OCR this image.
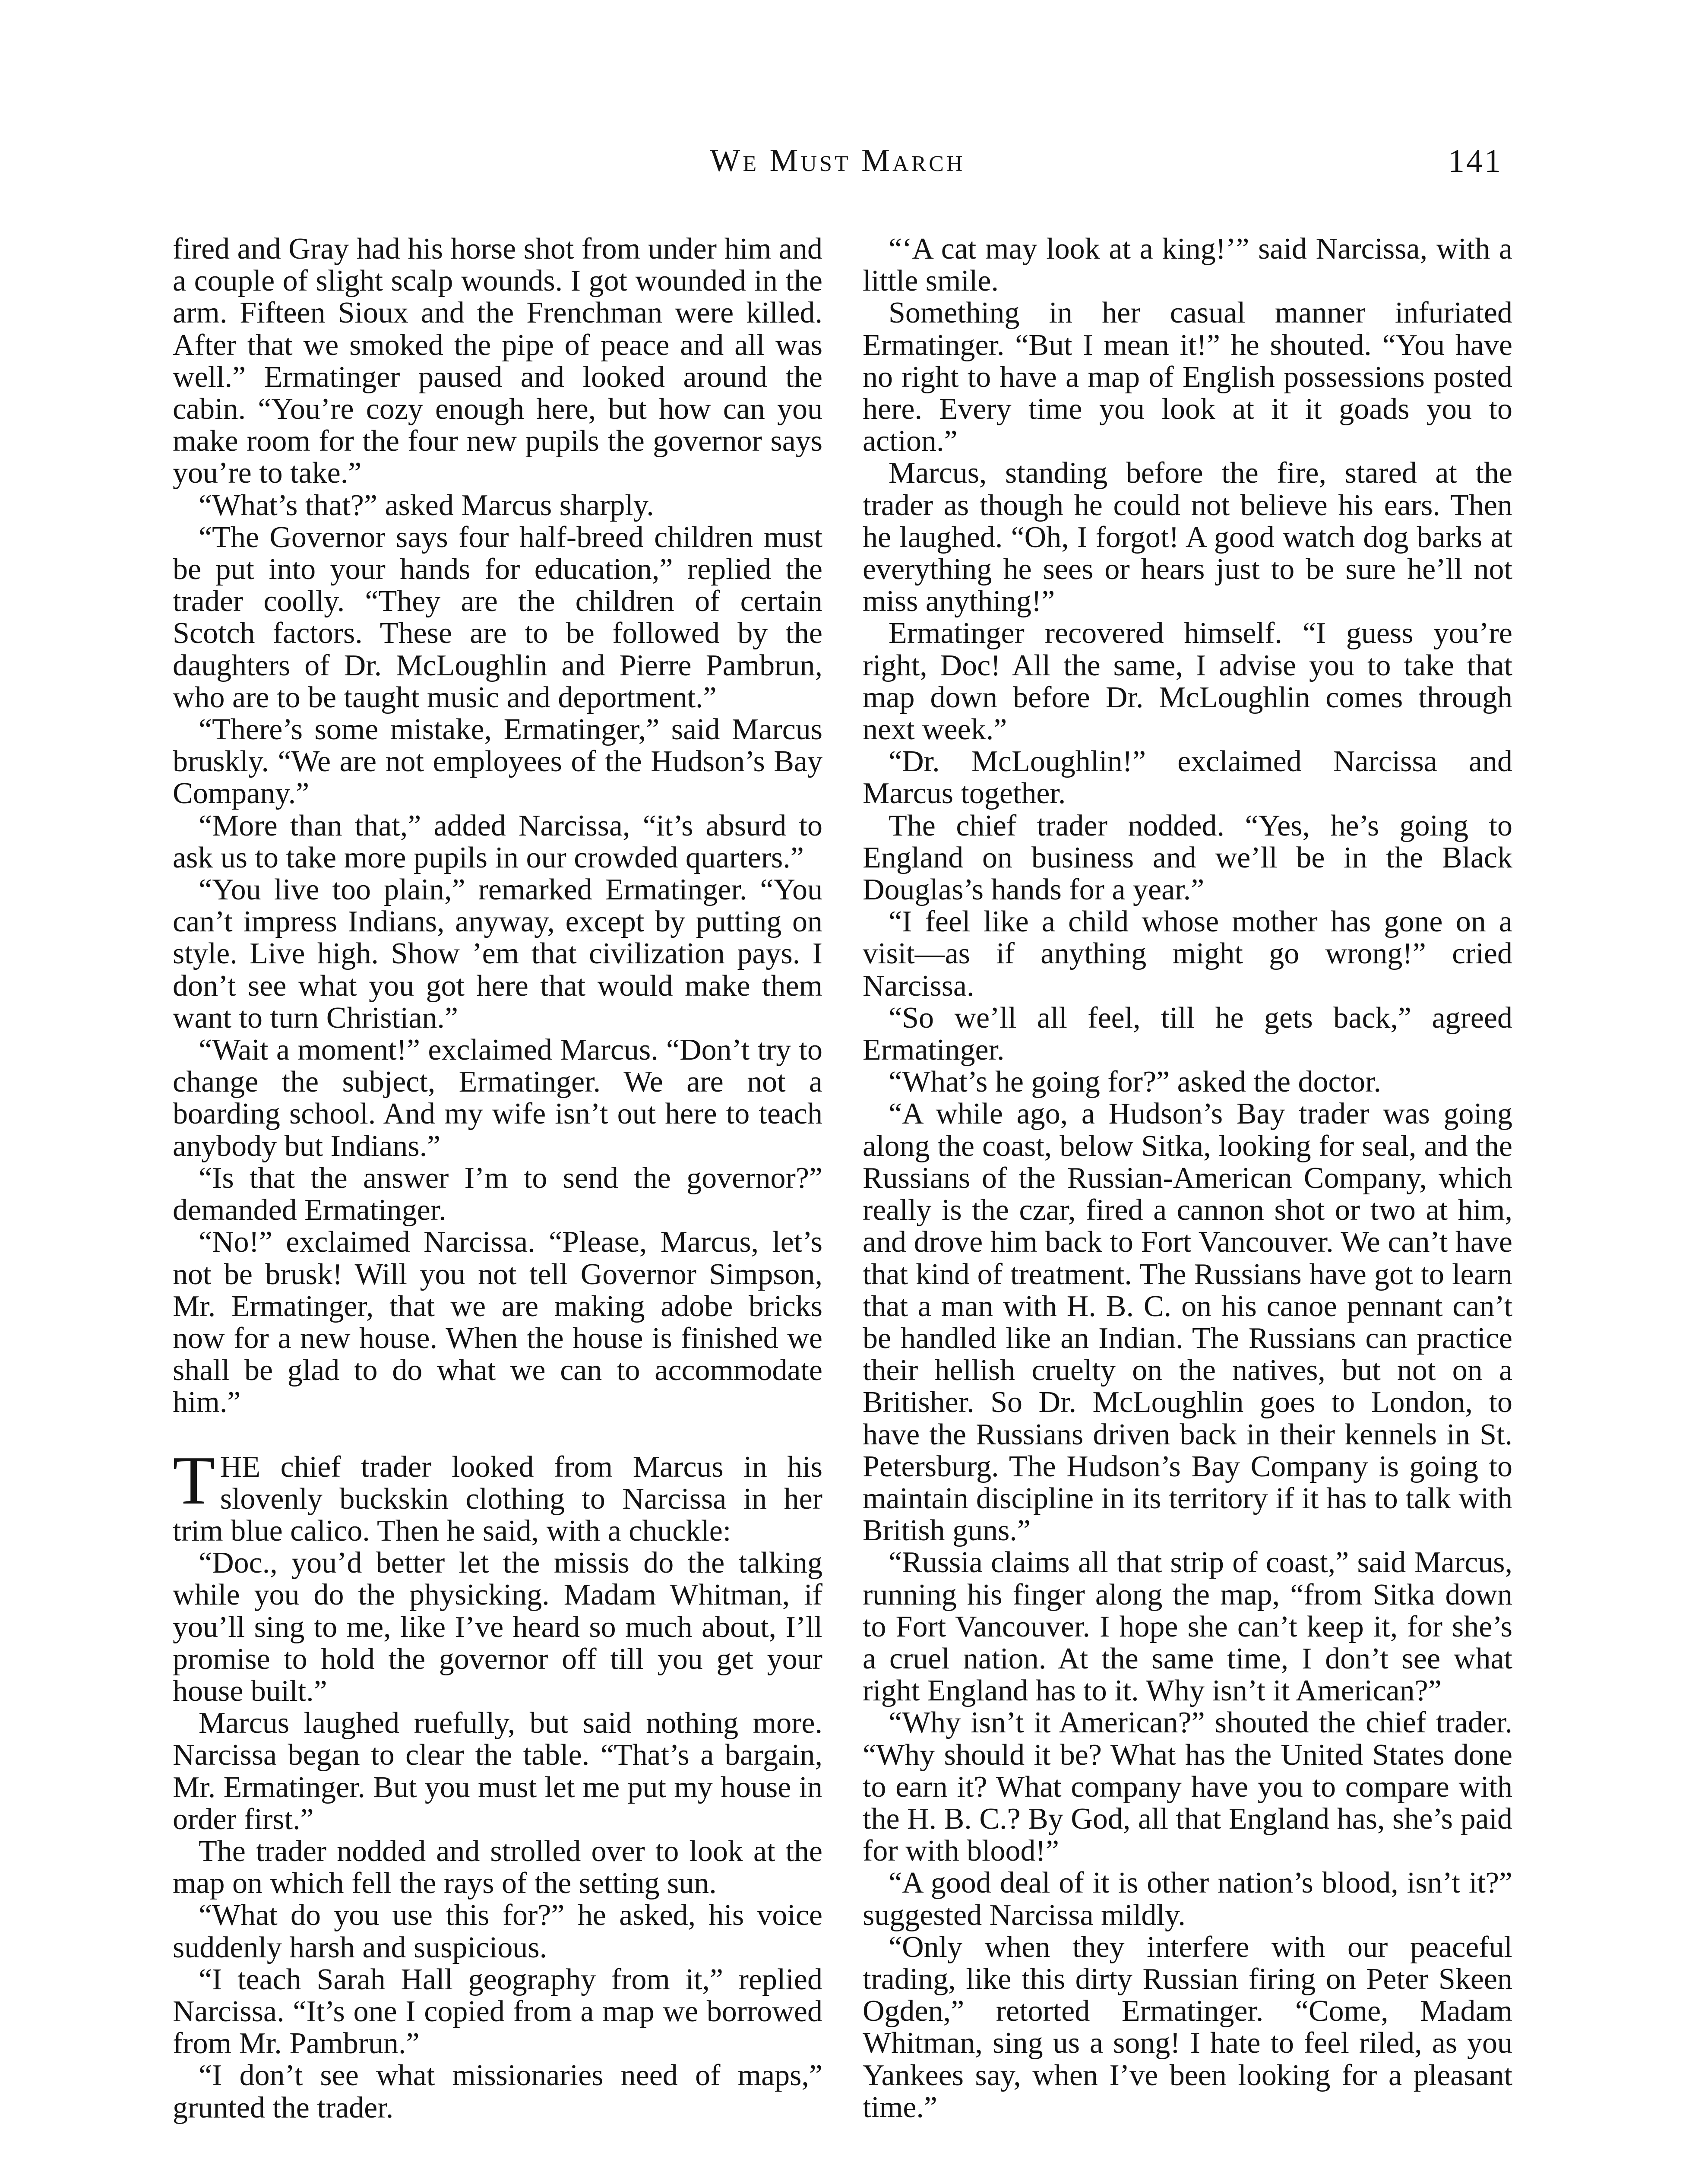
We Must March	141

fired and Gray had his horse shot from under him and a couple of slight scalp wounds. I got wounded in the arm. Fifteen Sioux and the Frenchman were killed. After that we smoked the pipe of peace and all was well.” Ermatinger paused and looked around the cabin. “You’re cozy enough here, but how can you make room for the four new pupils the governor says you’re to take.”

“What’s that?” asked Marcus sharply.

“The Governor says four half-breed children must be put into your hands for education,” replied the trader coolly. “They are the children of certain Scotch factors. These are to be followed by the daughters of Dr. McLoughlin and Pierre Pambrun, who are to be taught music and deportment.”

“There’s some mistake, Ermatinger,” said Marcus bruskly. “We are not employees of the Hudson’s Bay Company.”

“More than that,” added Narcissa, “it’s absurd to ask us to take more pupils in our crowded quarters.”

“You live too plain,” remarked Ermatinger. “You can’t impress Indians, anyway, except by putting on style. Live high. Show ’em that civilization pays. I don’t see what you got here that would make them want to turn Christian.”

“Wait a moment!” exclaimed Marcus. “Don’t try to change the subject, Ermatinger. We are not a boarding school. And my wife isn’t out here to teach anybody but Indians.”

“Is that the answer I’m to send the governor?” demanded Ermatinger.

“No!” exclaimed Narcissa. “Please, Marcus, let’s not be brusk! Will you not tell Governor Simpson, Mr. Ermatinger, that we are making adobe bricks now for a new house. When the house is finished we shall be glad to do what we can to accommodate him.”

THE chief trader looked from Marcus in his slovenly buckskin clothing to Narcissa in her trim blue calico. Then he said, with a chuckle:

“Doc., you’d better let the missis do the talking while you do the physicking. Madam Whitman, if you’ll sing to me, like I’ve heard so much about, I’ll promise to hold the governor off till you get your house built.”

Marcus laughed ruefully, but said nothing more. Narcissa began to clear the table. “That’s a bargain, Mr. Ermatinger. But you must let me put my house in order first.”

The trader nodded and strolled over to look at the map on which fell the rays of the setting sun.

“What do you use this for?” he asked, his voice suddenly harsh and suspicious.

“I teach Sarah Hall geography from it,” replied Narcissa. “It’s one I copied from a map we borrowed from Mr. Pambrun.”

“I don’t see what missionaries need of maps,” grunted the trader.

“‘A cat may look at a king!’” said Narcissa, with a little smile.

Something in her casual manner infuriated Ermatinger. “But I mean it!” he shouted. “You have no right to have a map of English possessions posted here. Every time you look at it it goads you to action.”

Marcus, standing before the fire, stared at the trader as though he could not believe his ears. Then he laughed. “Oh, I forgot! A good watch dog barks at everything he sees or hears just to be sure he’ll not miss anything!”

Ermatinger recovered himself. “I guess you’re right, Doc! All the same, I advise you to take that map down before Dr. McLoughlin comes through next week.”

“Dr. McLoughlin!” exclaimed Narcissa and Marcus together.

The chief trader nodded. “Yes, he’s going to England on business and we’ll be in the Black Douglas’s hands for a year.”

“I feel like a child whose mother has gone on a visit—as if anything might go wrong!” cried Narcissa.

“So we’ll all feel, till he gets back,” agreed Ermatinger.

“What’s he going for?” asked the doctor.

“A while ago, a Hudson’s Bay trader was going along the coast, below Sitka, looking for seal, and the Russians of the Russian-American Company, which really is the czar, fired a cannon shot or two at him, and drove him back to Fort Vancouver. We can’t have that kind of treatment. The Russians have got to learn that a man with H. B. C. on his canoe pennant can’t be handled like an Indian. The Russians can practice their hellish cruelty on the natives, but not on a Britisher. So Dr. McLoughlin goes to London, to have the Russians driven back in their kennels in St. Petersburg. The Hudson’s Bay Company is going to maintain discipline in its territory if it has to talk with British guns.”

“Russia claims all that strip of coast,” said Marcus, running his finger along the map, “from Sitka down to Fort Vancouver. I hope she can’t keep it, for she’s a cruel nation. At the same time, I don’t see what right England has to it. Why isn’t it American?”

“Why isn’t it American?” shouted the chief trader. “Why should it be? What has the United States done to earn it? What company have you to compare with the H. B. C.? By God, all that England has, she’s paid for with blood!”

“A good deal of it is other nation’s blood, isn’t it?” suggested Narcissa mildly.

“Only when they interfere with our peaceful trading, like this dirty Russian firing on Peter Skeen Ogden,” retorted Ermatinger. “Come, Madam Whitman, sing us a song! I hate to feel riled, as you Yankees say, when I’ve been looking for a pleasant time.”
